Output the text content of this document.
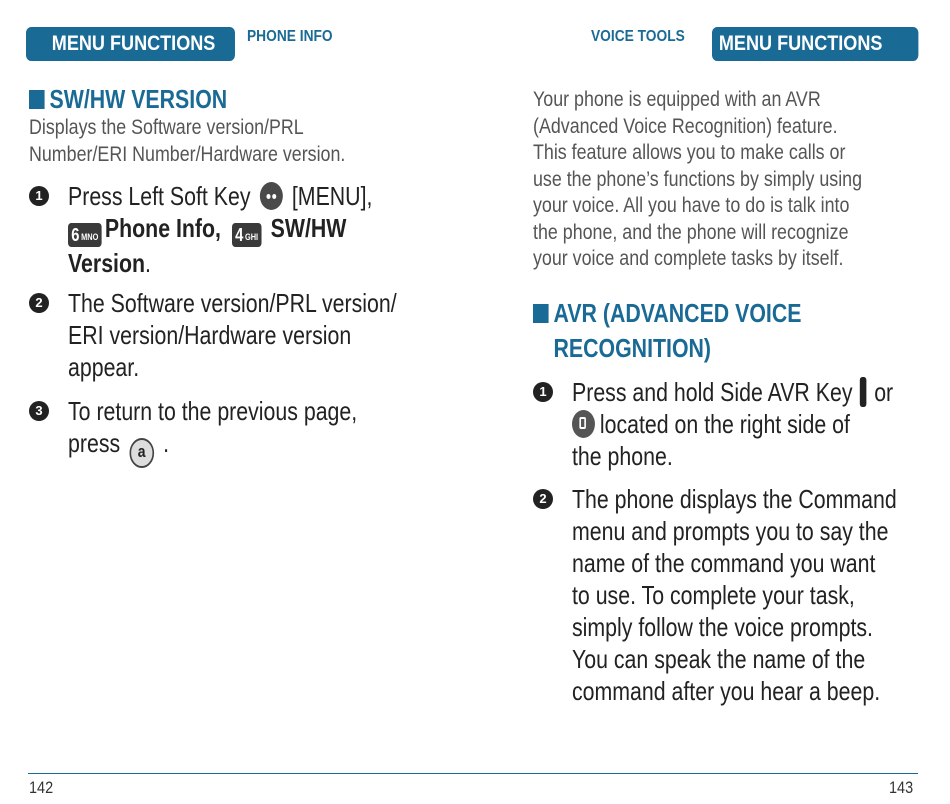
MENU FUNCTIONS	PHONE INFO
SW/HW VERSION
Displays the Software version/PRL
Number/ERI Number/Hardware version.
1 Press Left Soft Key [MENU],
6 MNO Phone Info, 4 GHI SW/HW
Version.
2 The Software version/PRL version/
ERI version/Hardware version
appear.
3 To return to the previous page,
press a .
142
VOICE TOOLS	MENU FUNCTIONS
Your phone is equipped with an AVR
(Advanced Voice Recognition) feature.
This feature allows you to make calls or
use the phone’s functions by simply using
your voice. All you have to do is talk into
the phone, and the phone will recognize
your voice and complete tasks by itself.
AVR (ADVANCED VOICE
RECOGNITION)
1 Press and hold Side AVR Key or
located on the right side of
the phone.
2 The phone displays the Command
menu and prompts you to say the
name of the command you want
to use. To complete your task,
simply follow the voice prompts.
You can speak the name of the
command after you hear a beep.
143
